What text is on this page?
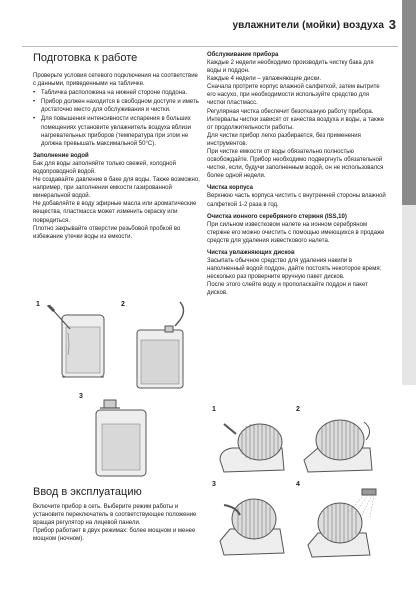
увлажнители (мойки) воздуха 3
Подготовка к работе

Проверьте условия сетевого подключения на соответствие с данными, приведенными на табличке.

• Табличка расположена на нижней стороне поддона.
• Прибор должен находится в свободном доступе и иметь достаточно место для обслуживания и чистки.
• Для повышения интенсивности испарения в больших помещениях установите увлажнитель воздуха вблизи нагревательных приборов (температура при этом не должна превышать максимальной 50°C).
Заполнение водой

Бак для воды заполняйте только свежей, холодной водопроводной водой.
Не создавайте давление в баке для воды. Также возможно, например, при заполнении емкости газированной минеральной водой.
Не добавляйте в воду эфирные масла или ароматические вещества, пластмасса может изменить окраску или повредиться.
Плотно закрывайте отверстие резьбовой пробкой во избежание утечки воды из емкости.

1	2
3
Ввод в эксплуатацию

Включите прибор в сеть. Выберите режим работы и установите переключатель в соответствующее положение вращая регулятор на лицевой панели.
Прибор работает в двух режимах: более мощном и менее мощном (ночном).

Обслуживание прибора

Каждые 2 недели необходимо производить чистку бака для воды и поддон.
Каждые 4 недели – увлажняющие диски.
Сначала протрите корпус влажной салфеткой, затем вытрите его насухо, при необходимости используйте средство для чистки пластмасс.
Регулярная чистка обеспечит безотказную работу прибора.
Интервалы чистки зависят от качества воздуха и воды, а также от продолжительности работы.
Для чистки прибор легко разбирается, без применения инструментов.
При чистке емкости от воды обязательно полностью освобождайте. Прибор необходимо подвергнуть обязательной чистке, если, будучи заполненным водой, он не использовался более одной недели.

Чистка корпуса

Верхнюю часть корпуса чистить с внутренней стороны влажной салфеткой 1-2 раза в год.

Очистка ионного серебряного стержня (ISS,10)

При сильном известковом налете на ионном серебряном стержне его можно очистить с помощью имеющихся в продаже средств для удаления известкового налета.

Чистка увлажняющих дисков

Засыпать обычное средство для удаления накипи в наполненный водой поддон, дайте постоять некоторое время; несколько раз проверните вручную пакет дисков.
После этого слейте воду и прополаскайте поддон и пакет дисков.

1	2
3	4
